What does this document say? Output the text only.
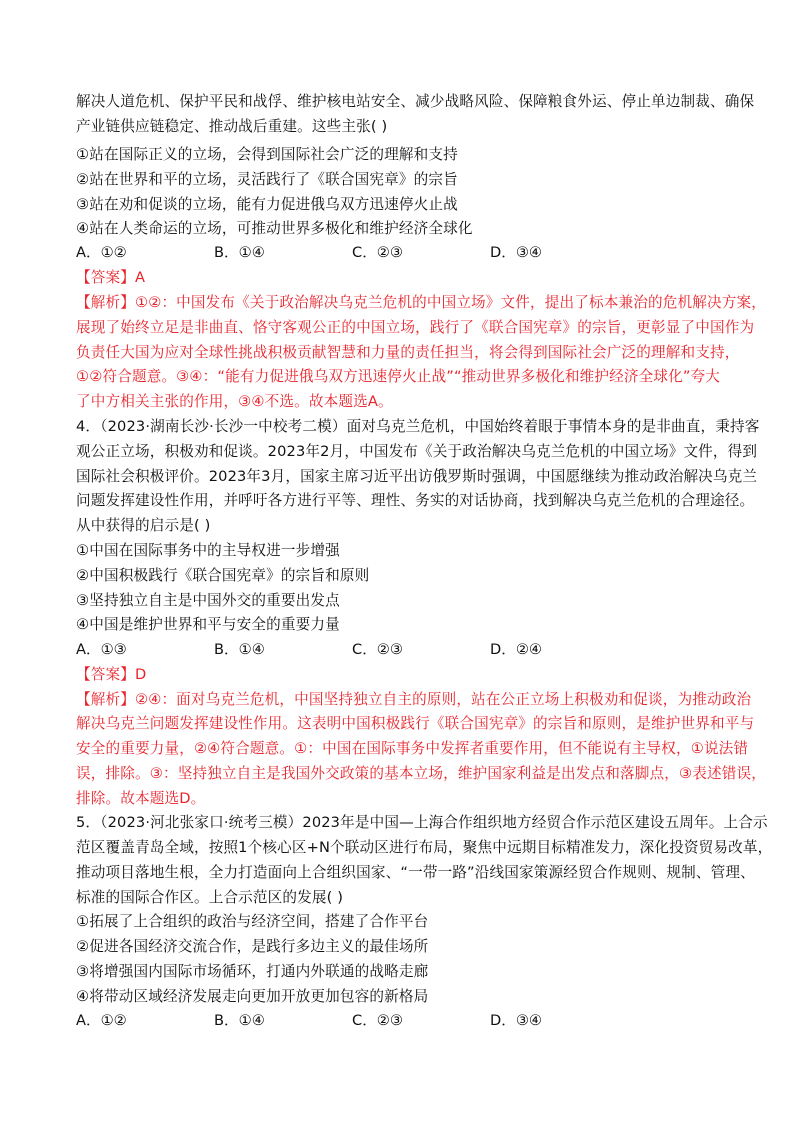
解决人道危机、保护平民和战俘、维护核电站安全、减少战略风险、保障粮食外运、停止单边制裁、确保
产业链供应链稳定、推动战后重建。这些主张( )
①站在国际正义的立场，会得到国际社会广泛的理解和支持
②站在世界和平的立场，灵活践行了《联合国宪章》的宗旨
③站在劝和促谈的立场，能有力促进俄乌双方迅速停火止战
④站在人类命运的立场，可推动世界多极化和维护经济全球化
A．①②	B．①④	C．②③	D．③④
【答案】A
【解析】①②：中国发布《关于政治解决乌克兰危机的中国立场》文件，提出了标本兼治的危机解决方案，
展现了始终立足是非曲直、恪守客观公正的中国立场，践行了《联合国宪章》的宗旨，更彰显了中国作为
负责任大国为应对全球性挑战积极贡献智慧和力量的责任担当，将会得到国际社会广泛的理解和支持，
①②符合题意。③④：“能有力促进俄乌双方迅速停火止战”“推动世界多极化和维护经济全球化”夸大
了中方相关主张的作用，③④不选。故本题选A。
4．（2023·湖南长沙·长沙一中校考二模）面对乌克兰危机，中国始终着眼于事情本身的是非曲直，秉持客
观公正立场，积极劝和促谈。2023年2月，中国发布《关于政治解决乌克兰危机的中国立场》文件，得到
国际社会积极评价。2023年3月，国家主席习近平出访俄罗斯时强调，中国愿继续为推动政治解决乌克兰
问题发挥建设性作用，并呼吁各方进行平等、理性、务实的对话协商，找到解决乌克兰危机的合理途径。
从中获得的启示是( )
①中国在国际事务中的主导权进一步增强
②中国积极践行《联合国宪章》的宗旨和原则
③坚持独立自主是中国外交的重要出发点
④中国是维护世界和平与安全的重要力量
A．①③	B．①④	C．②③	D．②④
【答案】D
【解析】②④：面对乌克兰危机，中国坚持独立自主的原则，站在公正立场上积极劝和促谈，为推动政治
解决乌克兰问题发挥建设性作用。这表明中国积极践行《联合国宪章》的宗旨和原则，是维护世界和平与
安全的重要力量，②④符合题意。①：中国在国际事务中发挥者重要作用，但不能说有主导权，①说法错
误，排除。③：坚持独立自主是我国外交政策的基本立场，维护国家利益是出发点和落脚点，③表述错误，
排除。故本题选D。
5．（2023·河北张家口·统考三模）2023年是中国—上海合作组织地方经贸合作示范区建设五周年。上合示
范区覆盖青岛全域，按照1个核心区+N个联动区进行布局，聚焦中远期目标精准发力，深化投资贸易改革，
推动项目落地生根，全力打造面向上合组织国家、“一带一路”沿线国家策源经贸合作规则、规制、管理、
标准的国际合作区。上合示范区的发展( )
①拓展了上合组织的政治与经济空间，搭建了合作平台
②促进各国经济交流合作，是践行多边主义的最佳场所
③将增强国内国际市场循环，打通内外联通的战略走廊
④将带动区域经济发展走向更加开放更加包容的新格局
A．①②	B．①④	C．②③	D．③④
